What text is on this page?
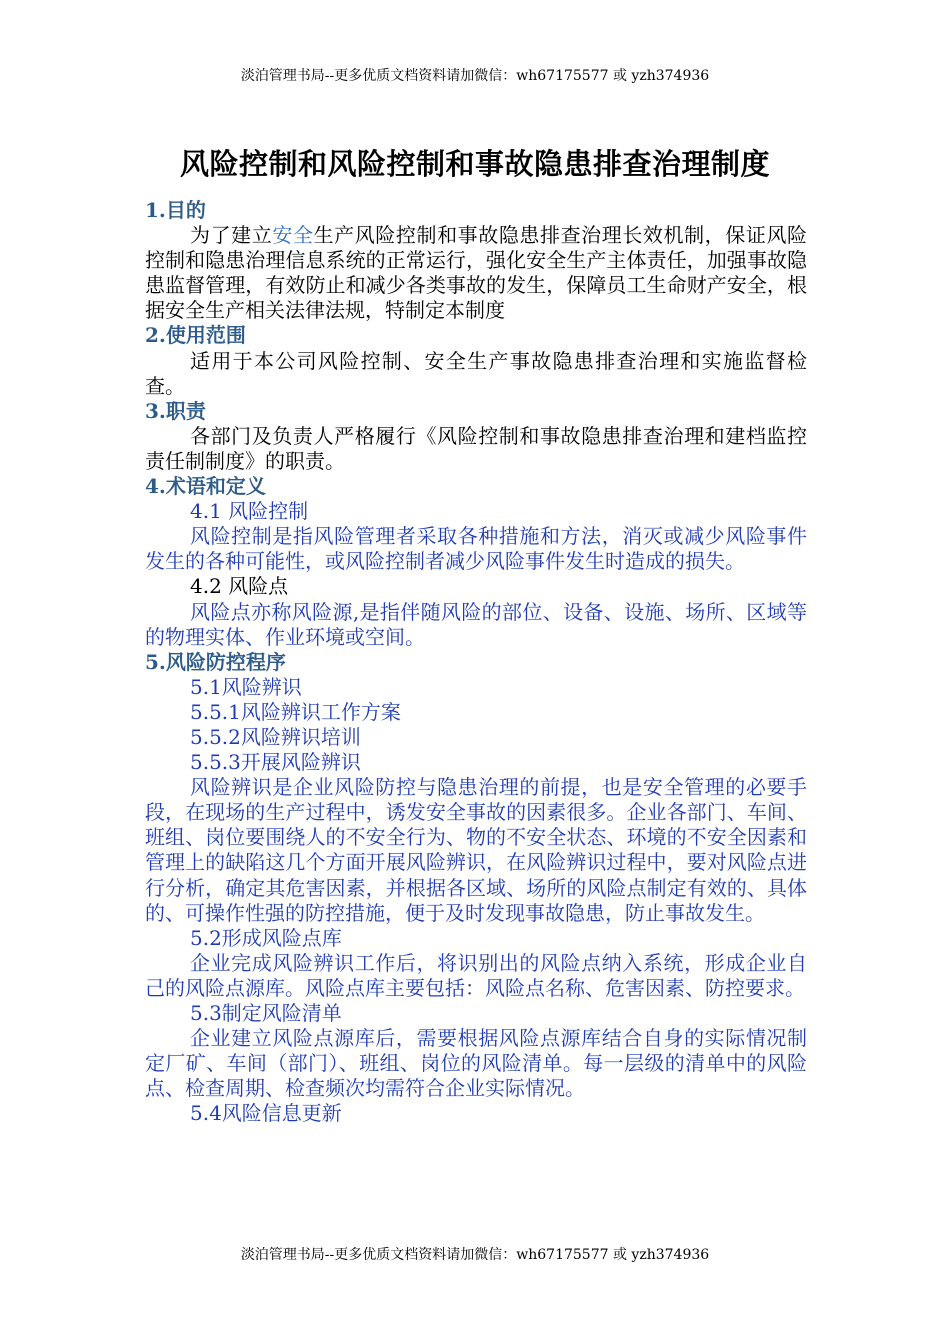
淡泊管理书局--更多优质文档资料请加微信：wh67175577 或 yzh374936
风险控制和风险控制和事故隐患排查治理制度

1.目的

为了建立安全生产风险控制和事故隐患排查治理长效机制，保证风险控制和隐患治理信息系统的正常运行，强化安全生产主体责任，加强事故隐患监督管理，有效防止和减少各类事故的发生，保障员工生命财产安全，根据安全生产相关法律法规，特制定本制度

2.使用范围

适用于本公司风险控制、安全生产事故隐患排查治理和实施监督检查。

3.职责

各部门及负责人严格履行《风险控制和事故隐患排查治理和建档监控责任制制度》的职责。

4.术语和定义

4.1 风险控制

风险控制是指风险管理者采取各种措施和方法，消灭或减少风险事件发生的各种可能性，或风险控制者减少风险事件发生时造成的损失。

4.2 风险点

风险点亦称风险源,是指伴随风险的部位、设备、设施、场所、区域等的物理实体、作业环境或空间。

5.风险防控程序

5.1风险辨识

5.5.1风险辨识工作方案

5.5.2风险辨识培训

5.5.3开展风险辨识

风险辨识是企业风险防控与隐患治理的前提，也是安全管理的必要手段，在现场的生产过程中，诱发安全事故的因素很多。企业各部门、车间、班组、岗位要围绕人的不安全行为、物的不安全状态、环境的不安全因素和管理上的缺陷这几个方面开展风险辨识，在风险辨识过程中，要对风险点进行分析，确定其危害因素，并根据各区域、场所的风险点制定有效的、具体的、可操作性强的防控措施，便于及时发现事故隐患，防止事故发生。

5.2形成风险点库

企业完成风险辨识工作后，将识别出的风险点纳入系统，形成企业自己的风险点源库。风险点库主要包括：风险点名称、危害因素、防控要求。

5.3制定风险清单

企业建立风险点源库后，需要根据风险点源库结合自身的实际情况制定厂矿、车间（部门）、班组、岗位的风险清单。每一层级的清单中的风险点、检查周期、检查频次均需符合企业实际情况。

5.4风险信息更新

淡泊管理书局--更多优质文档资料请加微信：wh67175577 或 yzh374936
